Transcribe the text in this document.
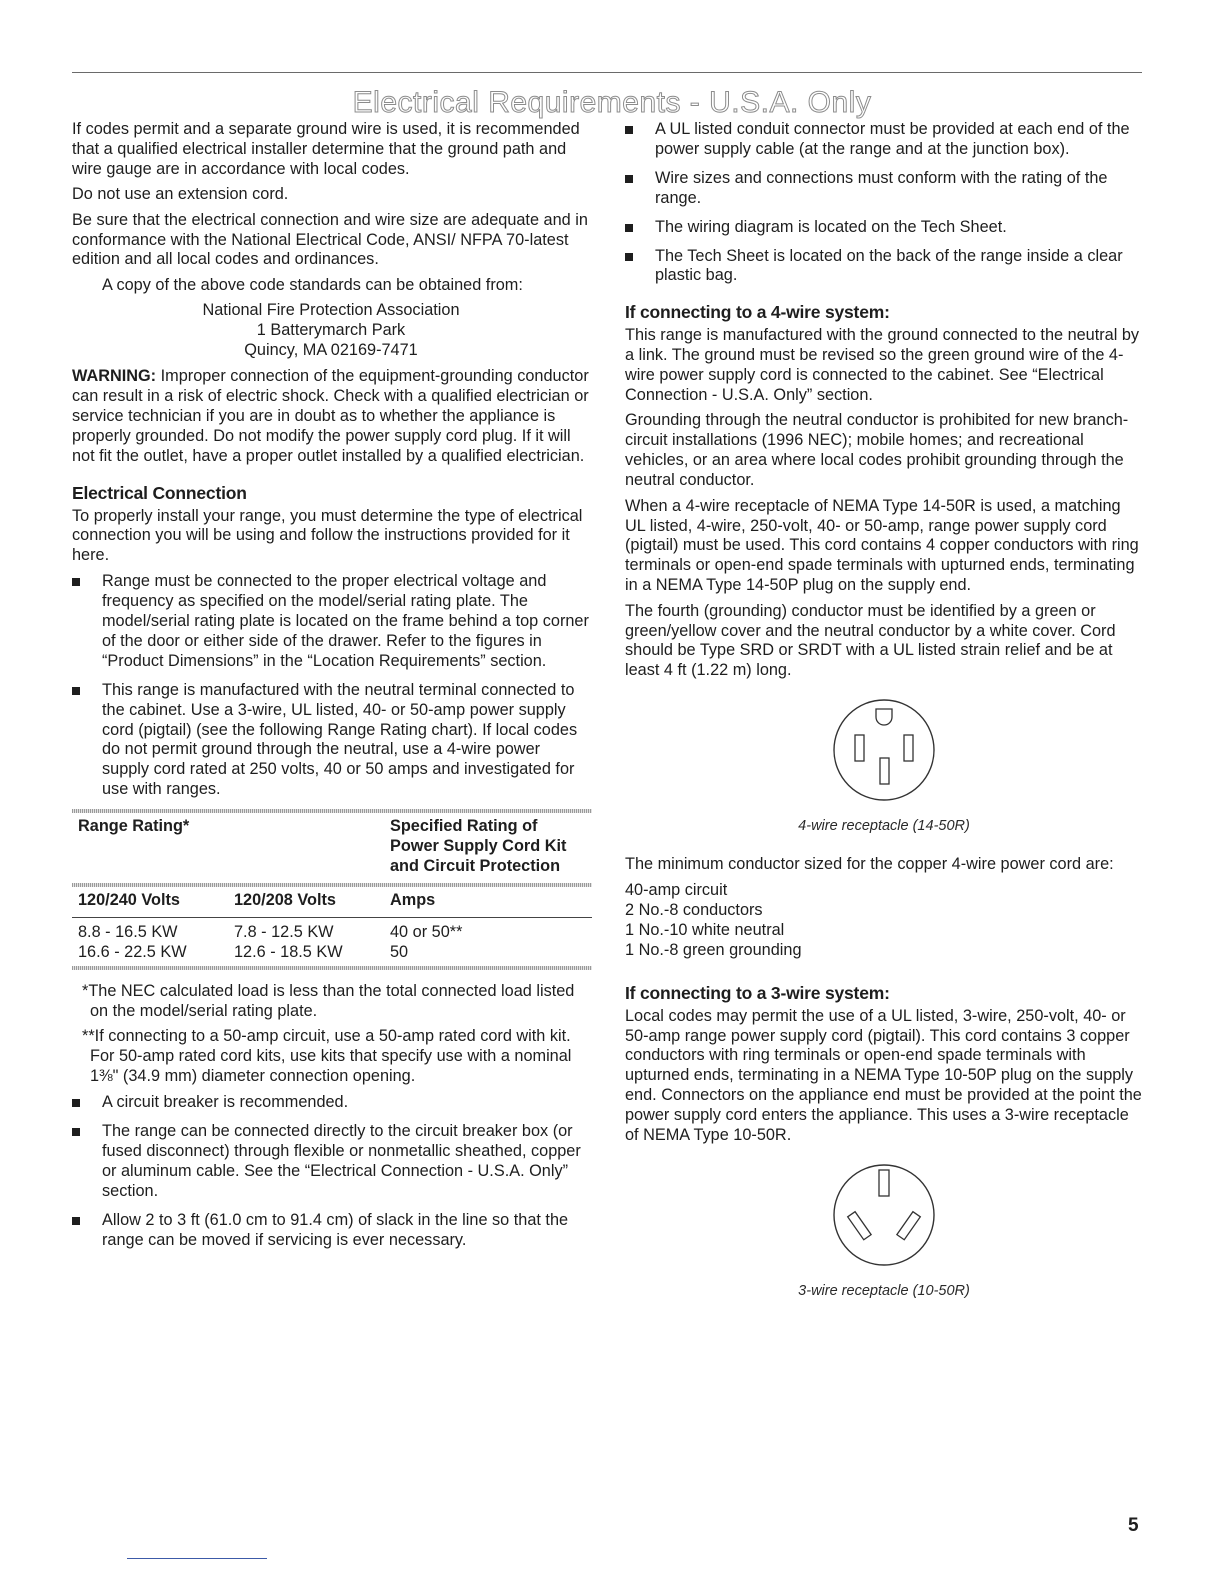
Electrical Requirements - U.S.A. Only

If codes permit and a separate ground wire is used, it is recommended that a qualified electrical installer determine that the ground path and wire gauge are in accordance with local codes.

Do not use an extension cord.

Be sure that the electrical connection and wire size are adequate and in conformance with the National Electrical Code, ANSI/ NFPA 70-latest edition and all local codes and ordinances.

A copy of the above code standards can be obtained from:

National Fire Protection Association
1 Batterymarch Park
Quincy, MA 02169-7471

WARNING: Improper connection of the equipment-grounding conductor can result in a risk of electric shock. Check with a qualified electrician or service technician if you are in doubt as to whether the appliance is properly grounded. Do not modify the power supply cord plug. If it will not fit the outlet, have a proper outlet installed by a qualified electrician.

Electrical Connection

To properly install your range, you must determine the type of electrical connection you will be using and follow the instructions provided for it here.

Range must be connected to the proper electrical voltage and frequency as specified on the model/serial rating plate. The model/serial rating plate is located on the frame behind a top corner of the door or either side of the drawer. Refer to the figures in “Product Dimensions” in the “Location Requirements” section.
This range is manufactured with the neutral terminal connected to the cabinet. Use a 3-wire, UL listed, 40- or 50-amp power supply cord (pigtail) (see the following Range Rating chart). If local codes do not permit ground through the neutral, use a 4-wire power supply cord rated at 250 volts, 40 or 50 amps and investigated for use with ranges.

Range Rating*		Specified Rating of
Power Supply Cord Kit
and Circuit Protection

120/240 Volts	120/208 Volts	Amps
8.8 - 16.5 KW	7.8 - 12.5 KW	40 or 50**
16.6 - 22.5 KW	12.6 - 18.5 KW	50

*The NEC calculated load is less than the total connected load listed on the model/serial rating plate.

**If connecting to a 50-amp circuit, use a 50-amp rated cord with kit. For 50-amp rated cord kits, use kits that specify use with a nominal 1⅜" (34.9 mm) diameter connection opening.

A circuit breaker is recommended.
The range can be connected directly to the circuit breaker box (or fused disconnect) through flexible or nonmetallic sheathed, copper or aluminum cable. See the “Electrical Connection - U.S.A. Only” section.
Allow 2 to 3 ft (61.0 cm to 91.4 cm) of slack in the line so that the range can be moved if servicing is ever necessary.
A UL listed conduit connector must be provided at each end of the power supply cable (at the range and at the junction box).
Wire sizes and connections must conform with the rating of the range.
The wiring diagram is located on the Tech Sheet.
The Tech Sheet is located on the back of the range inside a clear plastic bag.
If connecting to a 4-wire system:

This range is manufactured with the ground connected to the neutral by a link. The ground must be revised so the green ground wire of the 4-wire power supply cord is connected to the cabinet. See “Electrical Connection - U.S.A. Only” section.

Grounding through the neutral conductor is prohibited for new branch-circuit installations (1996 NEC); mobile homes; and recreational vehicles, or an area where local codes prohibit grounding through the neutral conductor.

When a 4-wire receptacle of NEMA Type 14-50R is used, a matching UL listed, 4-wire, 250-volt, 40- or 50-amp, range power supply cord (pigtail) must be used. This cord contains 4 copper conductors with ring terminals or open-end spade terminals with upturned ends, terminating in a NEMA Type 14-50P plug on the supply end.

The fourth (grounding) conductor must be identified by a green or green/yellow cover and the neutral conductor by a white cover. Cord should be Type SRD or SRDT with a UL listed strain relief and be at least 4 ft (1.22 m) long.

4-wire receptacle (14-50R)

The minimum conductor sized for the copper 4-wire power cord are:

40-amp circuit
2 No.-8 conductors
1 No.-10 white neutral
1 No.-8 green grounding
If connecting to a 3-wire system:

Local codes may permit the use of a UL listed, 3-wire, 250-volt, 40- or 50-amp range power supply cord (pigtail). This cord contains 3 copper conductors with ring terminals or open-end spade terminals with upturned ends, terminating in a NEMA Type 10-50P plug on the supply end. Connectors on the appliance end must be provided at the point the power supply cord enters the appliance. This uses a 3-wire receptacle of NEMA Type 10-50R.

3-wire receptacle (10-50R)
5
